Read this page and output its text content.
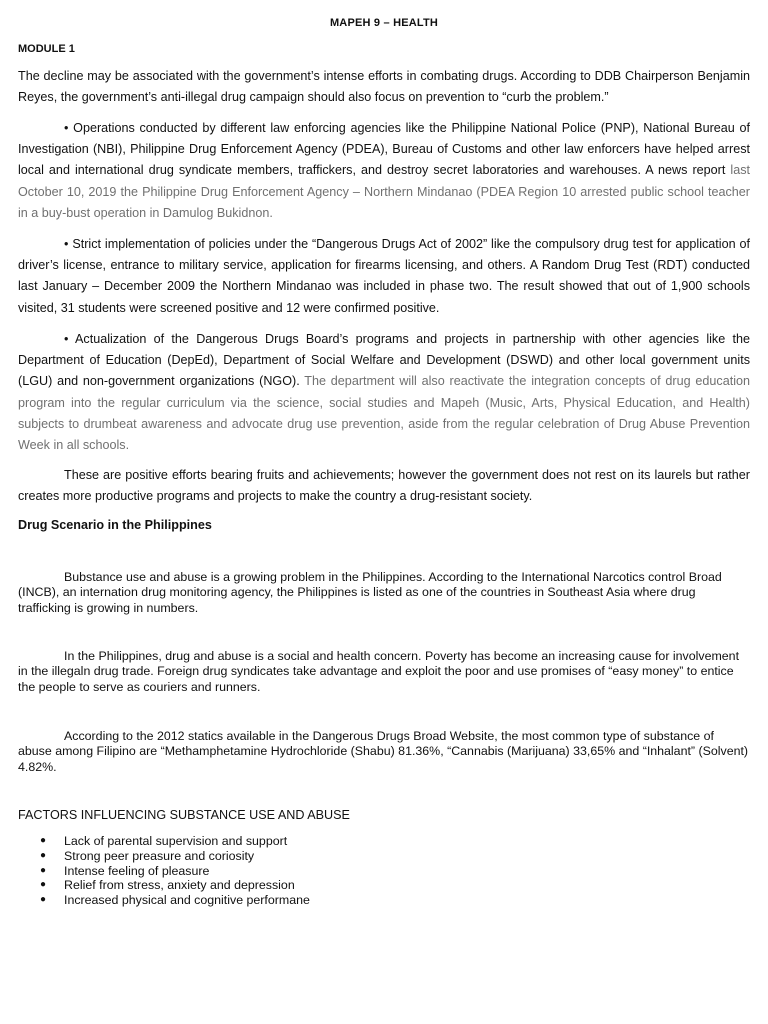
MAPEH 9 – HEALTH
MODULE 1

The decline may be associated with the government’s intense efforts in combating drugs. According to DDB Chairperson Benjamin Reyes, the government’s anti-illegal drug campaign should also focus on prevention to “curb the problem.”

• Operations conducted by different law enforcing agencies like the Philippine National Police (PNP), National Bureau of Investigation (NBI), Philippine Drug Enforcement Agency (PDEA), Bureau of Customs and other law enforcers have helped arrest local and international drug syndicate members, traffickers, and destroy secret laboratories and warehouses. A news report last October 10, 2019 the Philippine Drug Enforcement Agency – Northern Mindanao (PDEA Region 10 arrested public school teacher in a buy-bust operation in Damulog Bukidnon.

• Strict implementation of policies under the “Dangerous Drugs Act of 2002” like the compulsory drug test for application of driver’s license, entrance to military service, application for firearms licensing, and others. A Random Drug Test (RDT) conducted last January – December 2009 the Northern Mindanao was included in phase two. The result showed that out of 1,900 schools visited, 31 students were screened positive and 12 were confirmed positive.

• Actualization of the Dangerous Drugs Board’s programs and projects in partnership with other agencies like the Department of Education (DepEd), Department of Social Welfare and Development (DSWD) and other local government units (LGU) and non-government organizations (NGO). The department will also reactivate the integration concepts of drug education program into the regular curriculum via the science, social studies and Mapeh (Music, Arts, Physical Education, and Health) subjects to drumbeat awareness and advocate drug use prevention, aside from the regular celebration of Drug Abuse Prevention Week in all schools.

These are positive efforts bearing fruits and achievements; however the government does not rest on its laurels but rather creates more productive programs and projects to make the country a drug-resistant society.

Drug Scenario in the Philippines

Bubstance use and abuse is a growing problem in the Philippines. According to the International Narcotics control Broad (INCB), an internation drug monitoring agency, the Philippines is listed as one of the countries in Southeast Asia where drug trafficking is growing in numbers.

In the Philippines, drug and abuse is a social and health concern. Poverty has become an increasing cause for involvement in the illegaln drug trade. Foreign drug syndicates take advantage and exploit the poor and use promises of “easy money” to entice the people to serve as couriers and runners.

According to the 2012 statics available in the Dangerous Drugs Broad Website, the most common type of substance of abuse among Filipino are “Methamphetamine Hydrochloride (Shabu) 81.36%, “Cannabis (Marijuana) 33,65% and “Inhalant” (Solvent) 4.82%.

FACTORS INFLUENCING SUBSTANCE USE AND ABUSE

● Lack of parental supervision and support
● Strong peer preasure and coriosity
● Intense feeling of pleasure
● Relief from stress, anxiety and depression
● Increased physical and cognitive performane
